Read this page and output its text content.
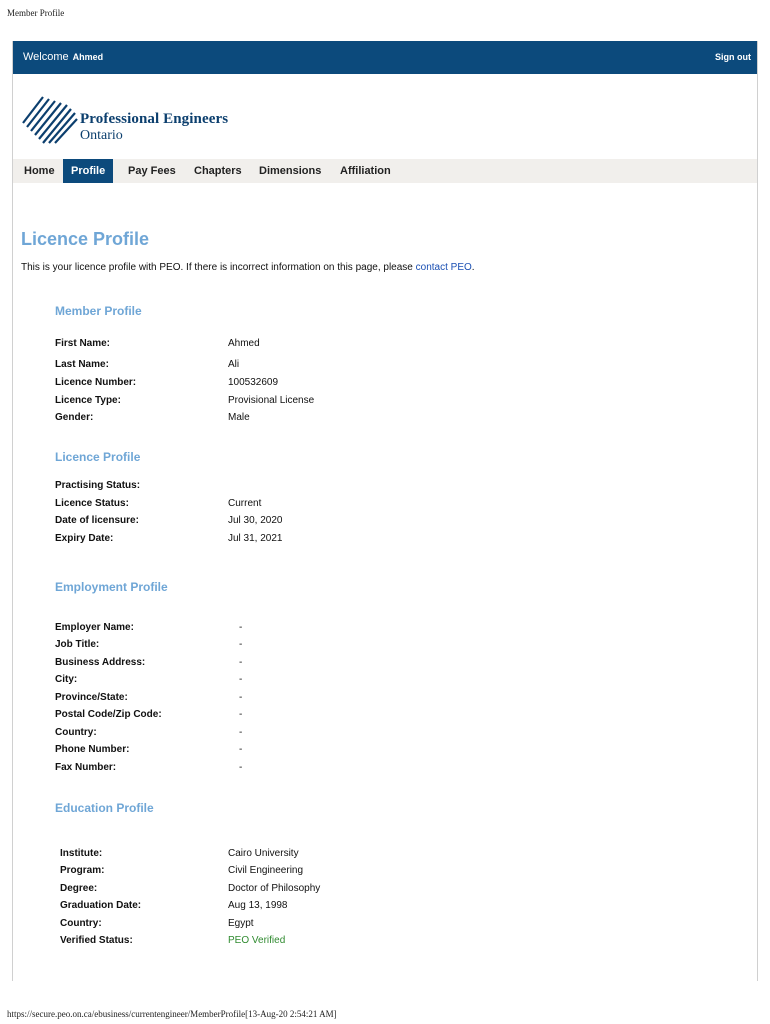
Member Profile
Welcome Ahmed	Sign out
Professional Engineers
Ontario
Home	Profile	Pay Fees	Chapters	Dimensions	Affiliation
Licence Profile
This is your licence profile with PEO. If there is incorrect information on this page, please contact PEO.
Member Profile
First Name:	Ahmed
Last Name:	Ali
Licence Number:	100532609
Licence Type:	Provisional License
Gender:	Male
Licence Profile
Practising Status:
Licence Status:	Current
Date of licensure:	Jul 30, 2020
Expiry Date:	Jul 31, 2021
Employment Profile
Employer Name:	-
Job Title:	-
Business Address:	-
City:	-
Province/State:	-
Postal Code/Zip Code:	-
Country:	-
Phone Number:	-
Fax Number:	-
Education Profile
Institute:	Cairo University
Program:	Civil Engineering
Degree:	Doctor of Philosophy
Graduation Date:	Aug 13, 1998
Country:	Egypt
Verified Status:	PEO Verified
https://secure.peo.on.ca/ebusiness/currentengineer/MemberProfile[13-Aug-20 2:54:21 AM]
